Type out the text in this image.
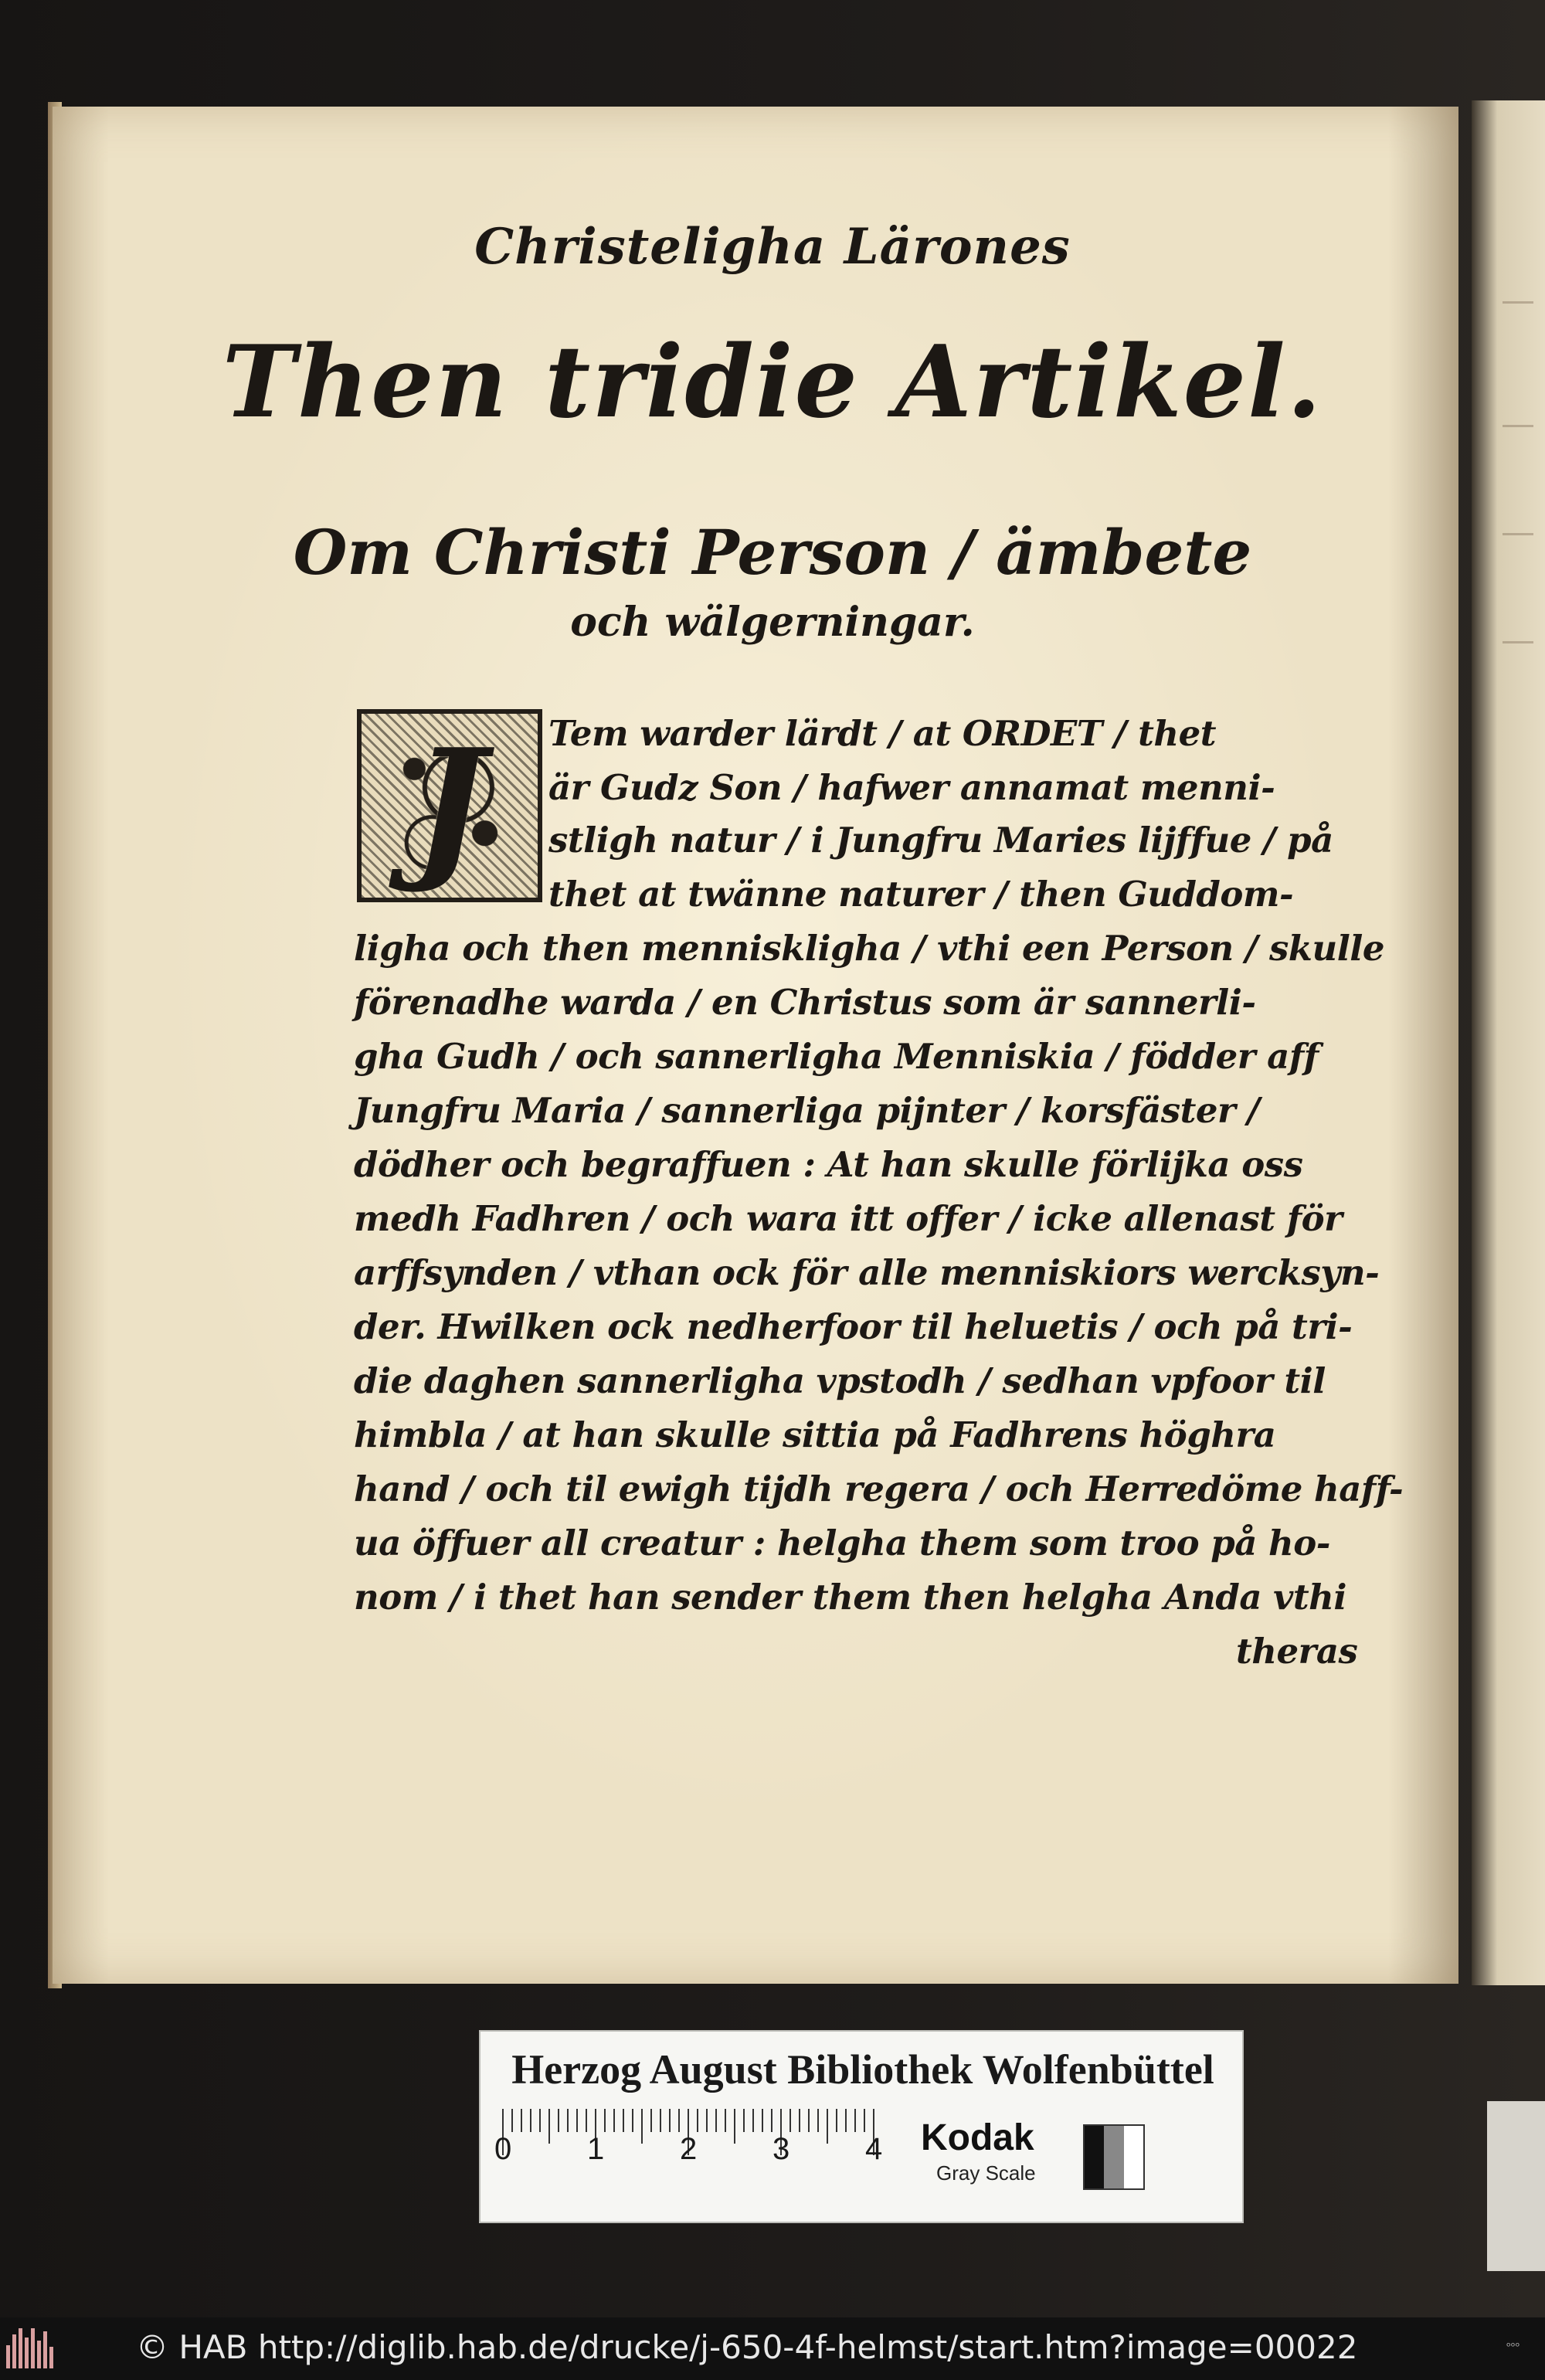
Christeligha Lärones
Then tridie Artikel.
Om Christi Person / ämbete
och wälgerningar.
J	Tem warder lärdt / at ORDET / thet
är Gudz Son / hafwer annamat menni-
stligh natur / i Jungfru Maries lijffue / på
thet at twänne naturer / then Guddom-
ligha och then menniskligha / vthi een Person / skulle
förenadhe warda / en Christus som är sannerli-
gha Gudh / och sannerligha Menniskia / födder aff
Jungfru Maria / sannerliga pijnter / korsfäster /
dödher och begraffuen : At han skulle förlijka oss
medh Fadhren / och wara itt offer / icke allenast för
arffsynden / vthan ock för alle menniskiors wercksyn-
der. Hwilken ock nedherfoor til heluetis / och på tri-
die daghen sannerligha vpstodh / sedhan vpfoor til
himbla / at han skulle sittia på Fadhrens höghra
hand / och til ewigh tijdh regera / och Herredöme haff-
ua öffuer all creatur : helgha them som troo på ho-
nom / i thet han sender them then helgha Anda vthi
theras
Herzog August Bibliothek Wolfenbüttel
0 1 2 3 4 Kodak
Gray Scale
© HAB http://diglib.hab.de/drucke/j-650-4f-helmst/start.htm?image=00022	ᵒᵒᵒ
